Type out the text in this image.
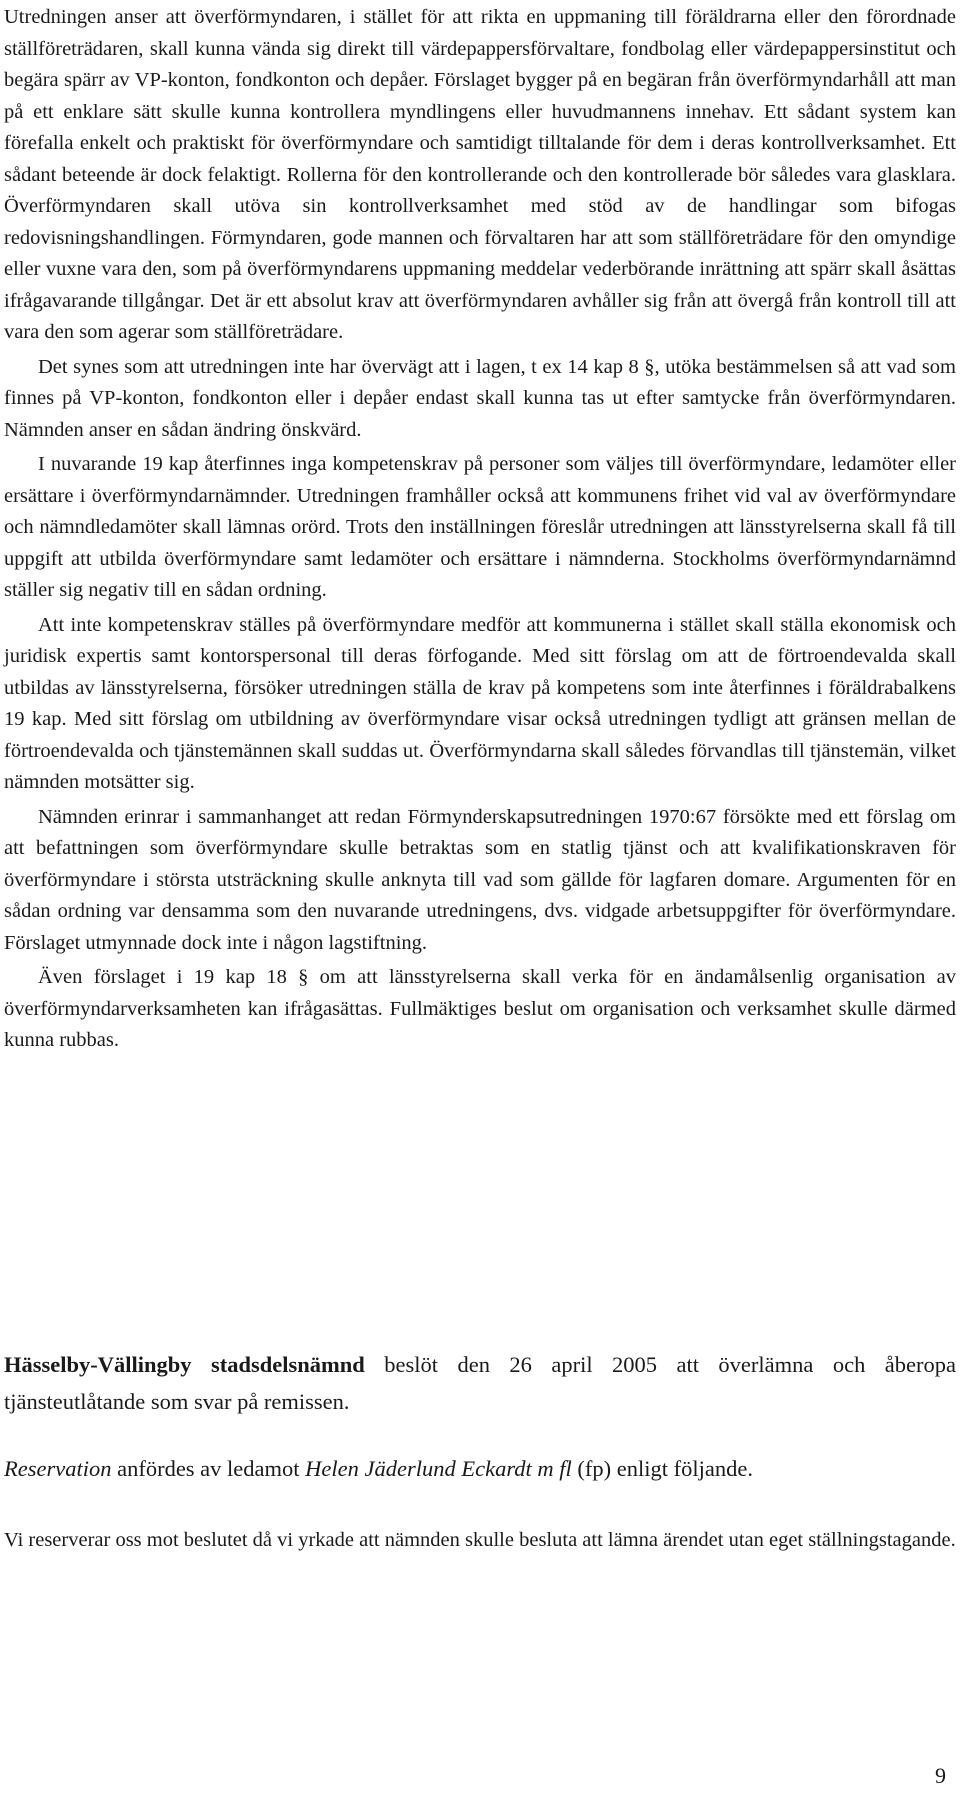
Utredningen anser att överförmyndaren, i stället för att rikta en uppmaning till föräldrarna eller den förordnade ställföreträdaren, skall kunna vända sig direkt till värdepappersförvaltare, fondbolag eller värdepappersinstitut och begära spärr av VP-konton, fondkonton och depåer. Förslaget bygger på en begäran från överförmyndarhåll att man på ett enklare sätt skulle kunna kontrollera myndlingens eller huvudmannens innehav. Ett sådant system kan förefalla enkelt och praktiskt för överförmyndare och samtidigt tilltalande för dem i deras kontrollverksamhet. Ett sådant beteende är dock felaktigt. Rollerna för den kontrollerande och den kontrollerade bör således vara glasklara. Överförmyndaren skall utöva sin kontrollverksamhet med stöd av de handlingar som bifogas redovisningshandlingen. Förmyndaren, gode mannen och förvaltaren har att som ställföreträdare för den omyndige eller vuxne vara den, som på överförmyndarens uppmaning meddelar vederbörande inrättning att spärr skall åsättas ifrågavarande tillgångar. Det är ett absolut krav att överförmyndaren avhåller sig från att övergå från kontroll till att vara den som agerar som ställföreträdare.

Det synes som att utredningen inte har övervägt att i lagen, t ex 14 kap 8 §, utöka bestämmelsen så att vad som finnes på VP-konton, fondkonton eller i depåer endast skall kunna tas ut efter samtycke från överförmyndaren. Nämnden anser en sådan ändring önskvärd.

I nuvarande 19 kap återfinnes inga kompetenskrav på personer som väljes till överförmyndare, ledamöter eller ersättare i överförmyndarnämnder. Utredningen framhåller också att kommunens frihet vid val av överförmyndare och nämndledamöter skall lämnas orörd. Trots den inställningen föreslår utredningen att länsstyrelserna skall få till uppgift att utbilda överförmyndare samt ledamöter och ersättare i nämnderna. Stockholms överförmyndarnämnd ställer sig negativ till en sådan ordning.

Att inte kompetenskrav ställes på överförmyndare medför att kommunerna i stället skall ställa ekonomisk och juridisk expertis samt kontorspersonal till deras förfogande. Med sitt förslag om att de förtroendevalda skall utbildas av länsstyrelserna, försöker utredningen ställa de krav på kompetens som inte återfinnes i föräldrabalkens 19 kap. Med sitt förslag om utbildning av överförmyndare visar också utredningen tydligt att gränsen mellan de förtroendevalda och tjänstemännen skall suddas ut. Överförmyndarna skall således förvandlas till tjänstemän, vilket nämnden motsätter sig.

Nämnden erinrar i sammanhanget att redan Förmynderskapsutredningen 1970:67 försökte med ett förslag om att befattningen som överförmyndare skulle betraktas som en statlig tjänst och att kvalifikationskraven för överförmyndare i största utsträckning skulle anknyta till vad som gällde för lagfaren domare. Argumenten för en sådan ordning var densamma som den nuvarande utredningens, dvs. vidgade arbetsuppgifter för överförmyndare. Förslaget utmynnade dock inte i någon lagstiftning.

Även förslaget i 19 kap 18 § om att länsstyrelserna skall verka för en ändamålsenlig organisation av överförmyndarverksamheten kan ifrågasättas. Fullmäktiges beslut om organisation och verksamhet skulle därmed kunna rubbas.

Hässelby-Vällingby stadsdelsnämnd beslöt den 26 april 2005 att överlämna och åberopa tjänsteutlåtande som svar på remissen.

Reservation anfördes av ledamot Helen Jäderlund Eckardt m fl (fp) enligt följande.

Vi reserverar oss mot beslutet då vi yrkade att nämnden skulle besluta att lämna ärendet utan eget ställningstagande.

9
